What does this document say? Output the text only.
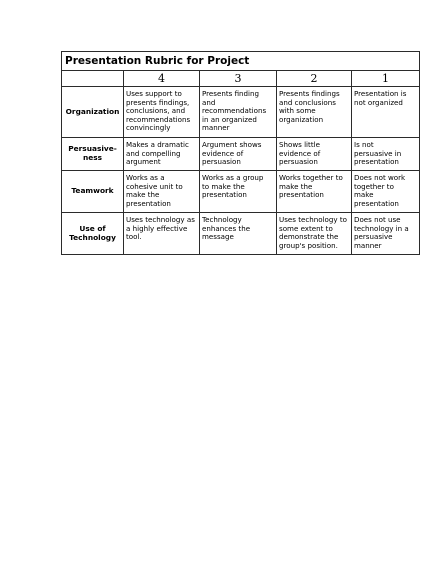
Presentation Rubric for Project				
	4	3	2	1

Organization	Uses support to
presents findings,
conclusions, and
recommendations
convincingly	Presents finding
and
recommendations
in an organized
manner	Presents findings
and conclusions
with some
organization	Presentation is
not organized

Persuasive-
ness	Makes a dramatic
and compelling
argument	Argument shows
evidence of
persuasion	Shows little
evidence of
persuasion	Is not
persuasive in
presentation

Teamwork	Works as a
cohesive unit to
make the
presentation	Works as a group
to make the
presentation	Works together to
make the
presentation	Does not work
together to
make
presentation

Use of
Technology	Uses technology as
a highly effective
tool.	Technology
enhances the
message	Uses technology to
some extent to
demonstrate the
group's position.	Does not use
technology in a
persuasive
manner
